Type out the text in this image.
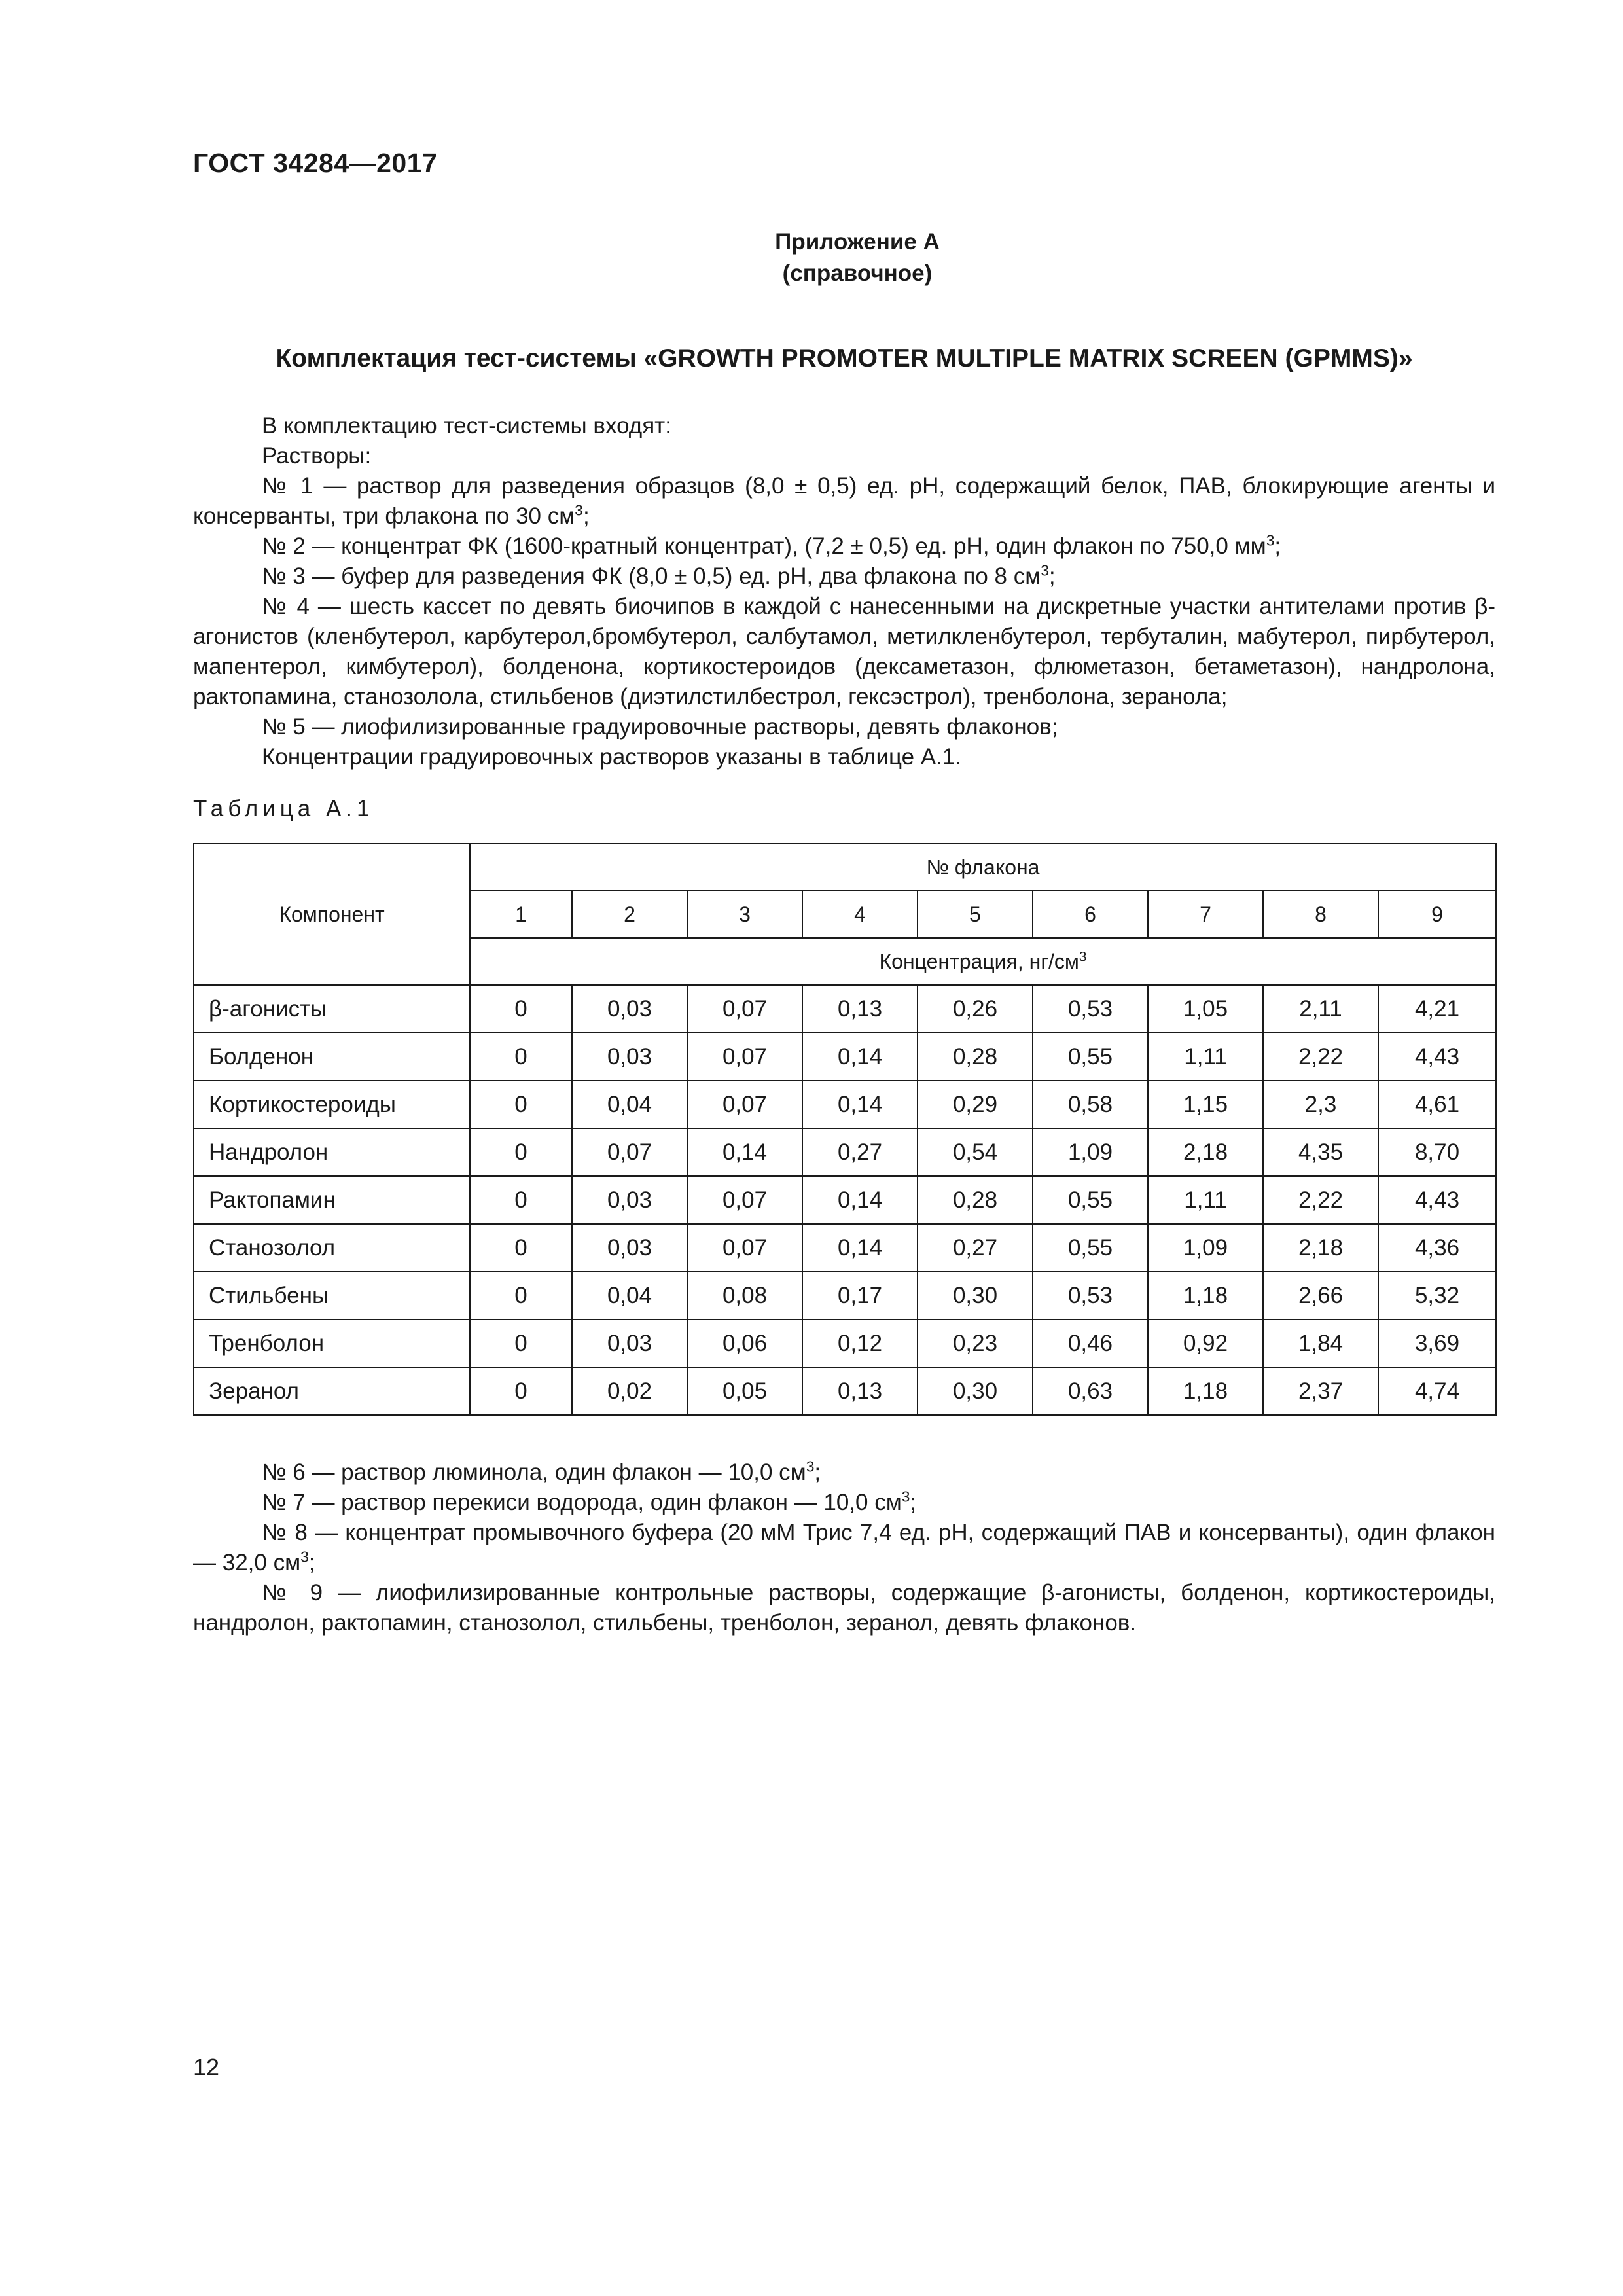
ГОСТ 34284—2017
Приложение А
(справочное)
Комплектация тест-системы «GROWTH PROMOTER MULTIPLE MATRIX SCREEN (GPMMS)»

В комплектацию тест-системы входят:

Растворы:

№ 1 — раствор для разведения образцов (8,0 ± 0,5) ед. рН, содержащий белок, ПАВ, блокирующие агенты и консерванты, три флакона по 30 $см^3$;

№ 2 — концентрат ФК (1600-кратный концентрат), (7,2 ± 0,5) ед. рН, один флакон по 750,0 $мм^3$;

№ 3 — буфер для разведения ФК (8,0 ± 0,5) ед. рН, два флакона по 8 $см^3$;

№ 4 — шесть кассет по девять биочипов в каждой с нанесенными на дискретные участки антителами против β-агонистов (кленбутерол, карбутерол,бромбутерол, салбутамол, метилкленбутерол, тербуталин, мабутерол, пирбутерол, мапентерол, кимбутерол), болденона, кортикостероидов (дексаметазон, флюметазон, бетаметазон), нандролона, рактопамина, станозолола, стильбенов (диэтилстилбестрол, гексэстрол), тренболона, зеранола;

№ 5 — лиофилизированные градуировочные растворы, девять флаконов;

Концентрации градуировочных растворов указаны в таблице А.1.

Таблица А.1
Компонент	№ флакона								
	1	2	3	4	5	6	7	8	9
	Концентрация, $нг/см^3$
β-агонисты	0	0,03	0,07	0,13	0,26	0,53	1,05	2,11	4,21
Болденон	0	0,03	0,07	0,14	0,28	0,55	1,11	2,22	4,43
Кортикостероиды	0	0,04	0,07	0,14	0,29	0,58	1,15	2,3	4,61
Нандролон	0	0,07	0,14	0,27	0,54	1,09	2,18	4,35	8,70
Рактопамин	0	0,03	0,07	0,14	0,28	0,55	1,11	2,22	4,43
Станозолол	0	0,03	0,07	0,14	0,27	0,55	1,09	2,18	4,36
Стильбены	0	0,04	0,08	0,17	0,30	0,53	1,18	2,66	5,32
Тренболон	0	0,03	0,06	0,12	0,23	0,46	0,92	1,84	3,69
Зеранол	0	0,02	0,05	0,13	0,30	0,63	1,18	2,37	4,74

№ 6 — раствор люминола, один флакон — 10,0 $см^3$;

№ 7 — раствор перекиси водорода, один флакон — 10,0 $см^3$;

№ 8 — концентрат промывочного буфера (20 мМ Трис 7,4 ед. рН, содержащий ПАВ и консерванты), один флакон — 32,0 $см^3$;

№ 9 — лиофилизированные контрольные растворы, содержащие β-агонисты, болденон, кортикостероиды, нандролон, рактопамин, станозолол, стильбены, тренболон, зеранол, девять флаконов.

12
